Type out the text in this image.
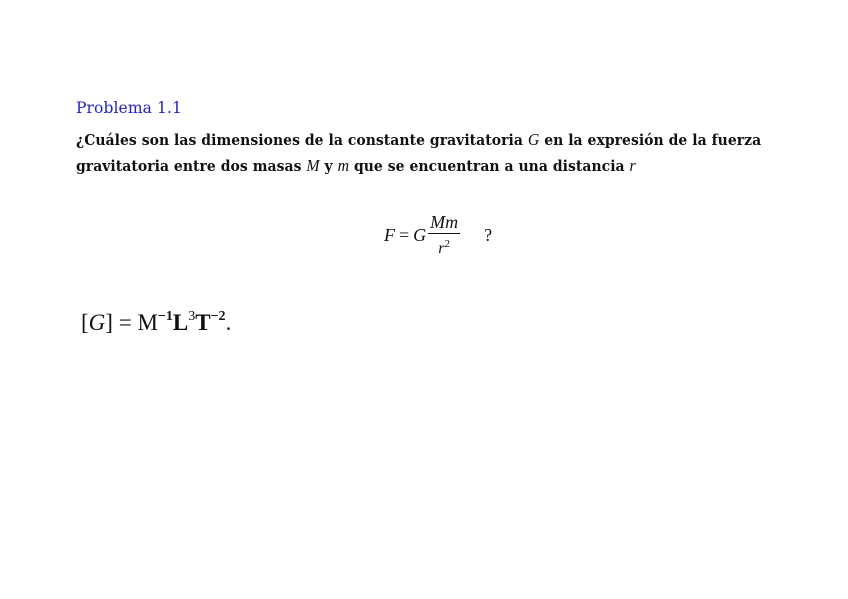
Problema 1.1
¿Cuáles son las dimensiones de la constante gravitatoria G en la expresión de la fuerza
gravitatoria entre dos masas M y m que se encuentran a una distancia r
F = G $\frac{Mm}{r^2}$ ?
$[G] = M^{-1}L^3T^{-2}$.
